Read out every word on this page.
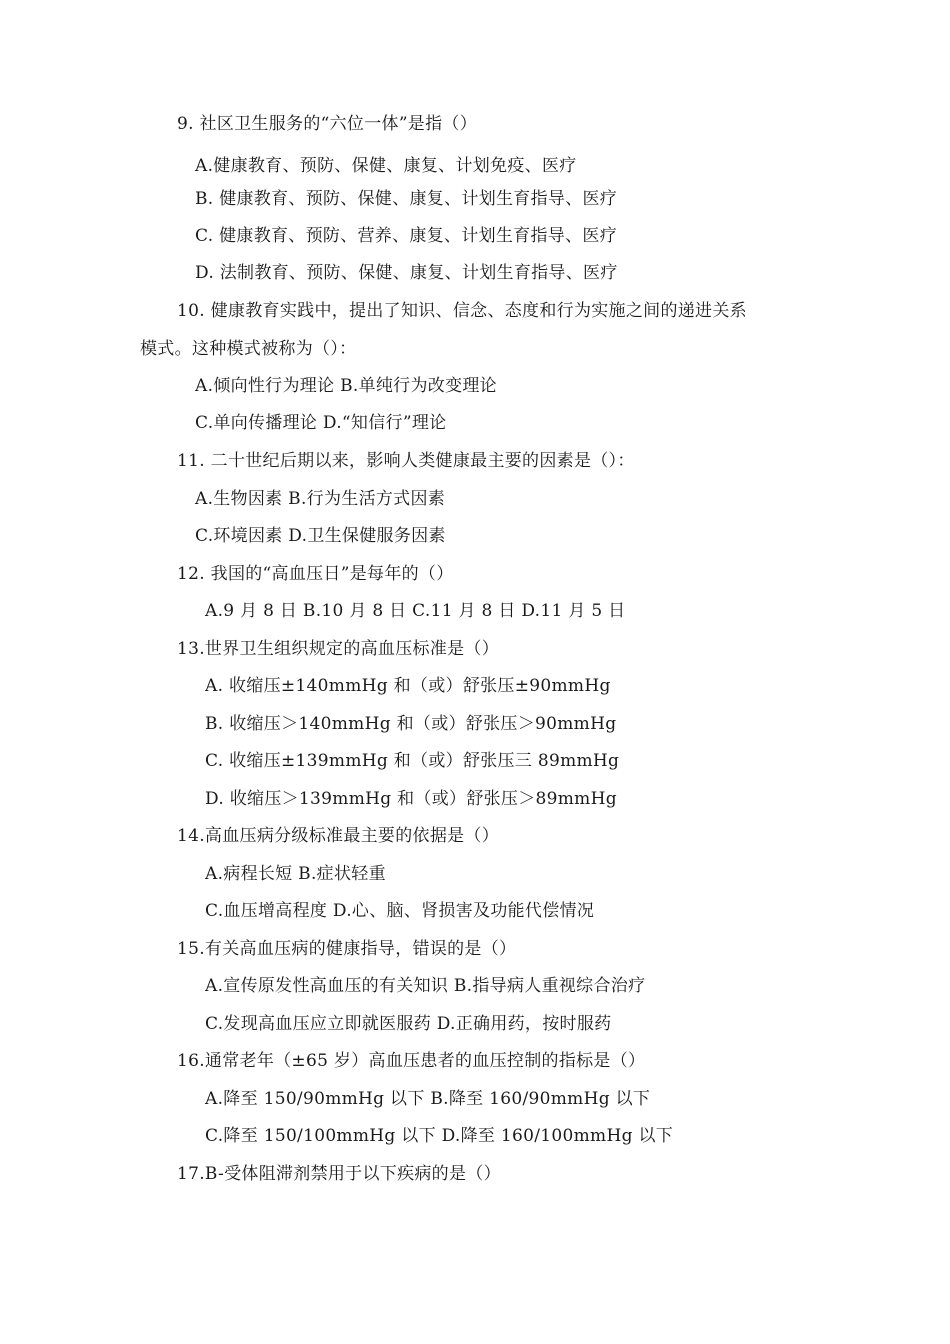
9. 社区卫生服务的“六位一体”是指（）
A.健康教育、预防、保健、康复、计划免疫、医疗
B. 健康教育、预防、保健、康复、计划生育指导、医疗
C. 健康教育、预防、营养、康复、计划生育指导、医疗
D. 法制教育、预防、保健、康复、计划生育指导、医疗
10. 健康教育实践中，提出了知识、信念、态度和行为实施之间的递进关系
模式。这种模式被称为（）：
A.倾向性行为理论 B.单纯行为改变理论
C.单向传播理论 D.“知信行”理论
11. 二十世纪后期以来，影响人类健康最主要的因素是（）：
A.生物因素 B.行为生活方式因素
C.环境因素 D.卫生保健服务因素
12. 我国的“高血压日”是每年的（）
A.9 月 8 日 B.10 月 8 日 C.11 月 8 日 D.11 月 5 日
13.世界卫生组织规定的高血压标准是（）
A. 收缩压±140mmHg 和（或）舒张压±90mmHg
B. 收缩压＞140mmHg 和（或）舒张压＞90mmHg
C. 收缩压±139mmHg 和（或）舒张压三 89mmHg
D. 收缩压＞139mmHg 和（或）舒张压＞89mmHg
14.高血压病分级标准最主要的依据是（）
A.病程长短 B.症状轻重
C.血压增高程度 D.心、脑、肾损害及功能代偿情况
15.有关高血压病的健康指导，错误的是（）
A.宣传原发性高血压的有关知识 B.指导病人重视综合治疗
C.发现高血压应立即就医服药 D.正确用药，按时服药
16.通常老年（±65 岁）高血压患者的血压控制的指标是（）
A.降至 150/90mmHg 以下 B.降至 160/90mmHg 以下
C.降至 150/100mmHg 以下 D.降至 160/100mmHg 以下
17.B-受体阻滞剂禁用于以下疾病的是（）
